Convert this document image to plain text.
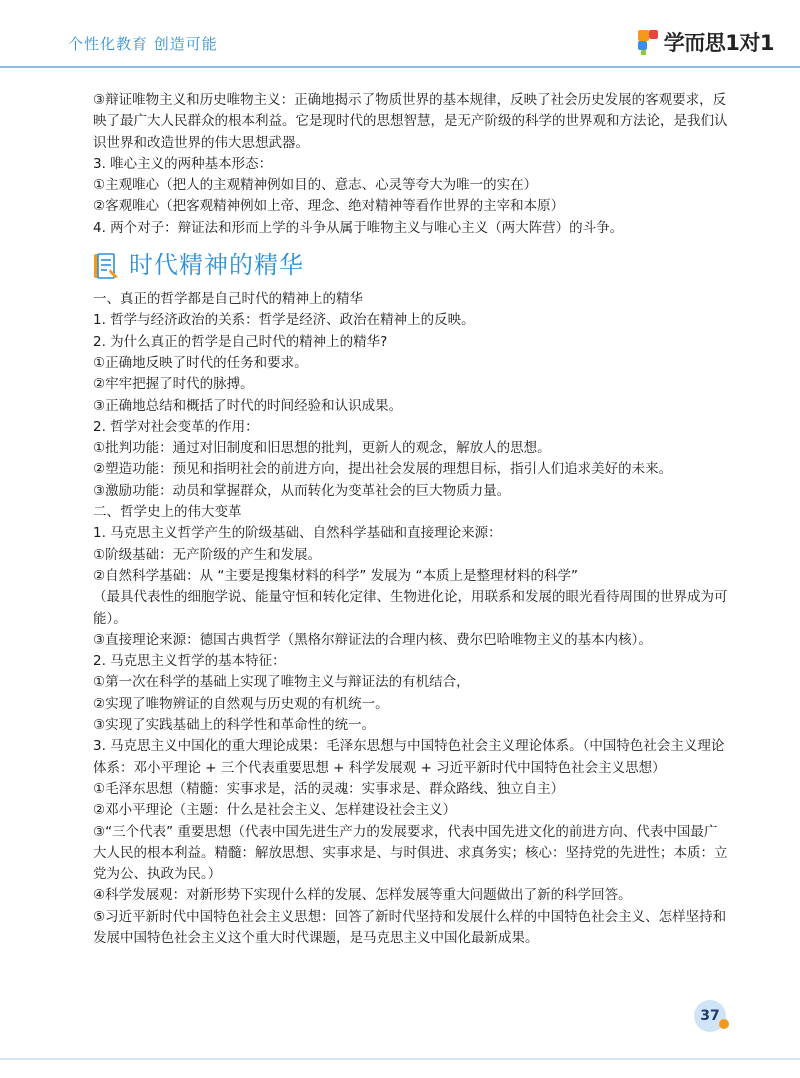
个性化教育 创造可能	学而思1对1

③辩证唯物主义和历史唯物主义：正确地揭示了物质世界的基本规律，反映了社会历史发展的客观要求，反映了最广大人民群众的根本利益。它是现时代的思想智慧，是无产阶级的科学的世界观和方法论，是我们认识世界和改造世界的伟大思想武器。

3. 唯心主义的两种基本形态：

①主观唯心（把人的主观精神例如目的、意志、心灵等夸大为唯一的实在）

②客观唯心（把客观精神例如上帝、理念、绝对精神等看作世界的主宰和本原）

4. 两个对子：辩证法和形而上学的斗争从属于唯物主义与唯心主义（两大阵营）的斗争。

时代精神的精华

一、真正的哲学都是自己时代的精神上的精华

1. 哲学与经济政治的关系：哲学是经济、政治在精神上的反映。

2. 为什么真正的哲学是自己时代的精神上的精华?

①正确地反映了时代的任务和要求。

②牢牢把握了时代的脉搏。

③正确地总结和概括了时代的时间经验和认识成果。

2. 哲学对社会变革的作用：

①批判功能：通过对旧制度和旧思想的批判，更新人的观念，解放人的思想。

②塑造功能：预见和指明社会的前进方向，提出社会发展的理想目标，指引人们追求美好的未来。

③激励功能：动员和掌握群众，从而转化为变革社会的巨大物质力量。

二、哲学史上的伟大变革

1. 马克思主义哲学产生的阶级基础、自然科学基础和直接理论来源：

①阶级基础：无产阶级的产生和发展。

②自然科学基础：从 “主要是搜集材料的科学” 发展为 “本质上是整理材料的科学”

（最具代表性的细胞学说、能量守恒和转化定律、生物进化论，用联系和发展的眼光看待周围的世界成为可能）。

③直接理论来源：德国古典哲学（黑格尔辩证法的合理内核、费尔巴哈唯物主义的基本内核）。

2. 马克思主义哲学的基本特征：

①第一次在科学的基础上实现了唯物主义与辩证法的有机结合，

②实现了唯物辨证的自然观与历史观的有机统一。

③实现了实践基础上的科学性和革命性的统一。

3. 马克思主义中国化的重大理论成果：毛泽东思想与中国特色社会主义理论体系。（中国特色社会主义理论体系：邓小平理论 + 三个代表重要思想 + 科学发展观 + 习近平新时代中国特色社会主义思想）

①毛泽东思想（精髓：实事求是，活的灵魂：实事求是、群众路线、独立自主）

②邓小平理论（主题：什么是社会主义、怎样建设社会主义）

③“三个代表” 重要思想（代表中国先进生产力的发展要求，代表中国先进文化的前进方向、代表中国最广大人民的根本利益。精髓：解放思想、实事求是、与时俱进、求真务实；核心：坚持党的先进性；本质：立党为公、执政为民。）

④科学发展观：对新形势下实现什么样的发展、怎样发展等重大问题做出了新的科学回答。

⑤习近平新时代中国特色社会主义思想：回答了新时代坚持和发展什么样的中国特色社会主义、怎样坚持和发展中国特色社会主义这个重大时代课题，是马克思主义中国化最新成果。

37
